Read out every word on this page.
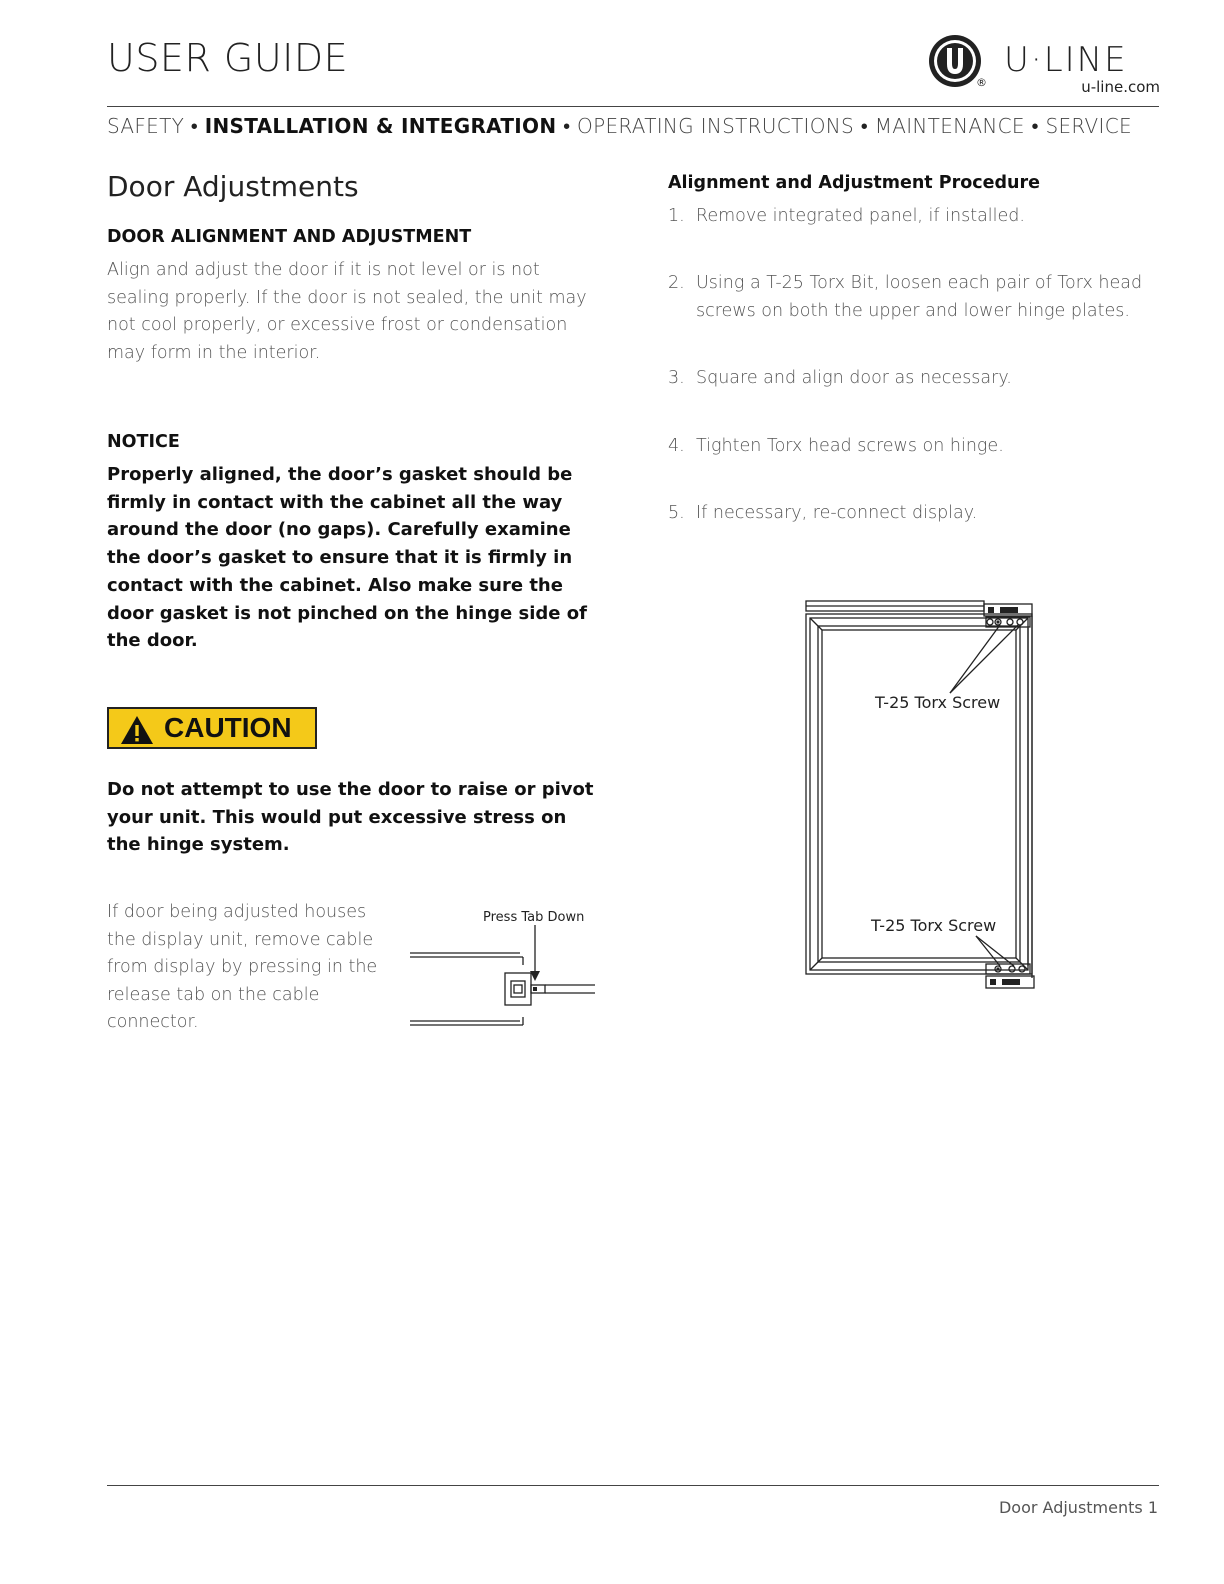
USER GUIDE
®
U·LINE
u-line.com
SAFETY • INSTALLATION & INTEGRATION • OPERATING INSTRUCTIONS • MAINTENANCE • SERVICE
Door Adjustments
DOOR ALIGNMENT AND ADJUSTMENT
Align and adjust the door if it is not level or is not sealing properly. If the door is not sealed, the unit may not cool properly, or excessive frost or condensation may form in the interior.
NOTICE
Properly aligned, the door’s gasket should be firmly in contact with the cabinet all the way around the door (no gaps). Carefully examine the door’s gasket to ensure that it is firmly in contact with the cabinet. Also make sure the door gasket is not pinched on the hinge side of the door.
CAUTION
Do not attempt to use the door to raise or pivot your unit. This would put excessive stress on the hinge system.
If door being adjusted houses the display unit, remove cable from display by pressing in the release tab on the cable connector.
Press Tab Down
Alignment and Adjustment Procedure
1. Remove integrated panel, if installed.
2. Using a T-25 Torx Bit, loosen each pair of Torx head screws on both the upper and lower hinge plates.
3. Square and align door as necessary.
4. Tighten Torx head screws on hinge.
5. If necessary, re-connect display.
T-25 Torx Screw
T-25 Torx Screw
Door Adjustments 1
